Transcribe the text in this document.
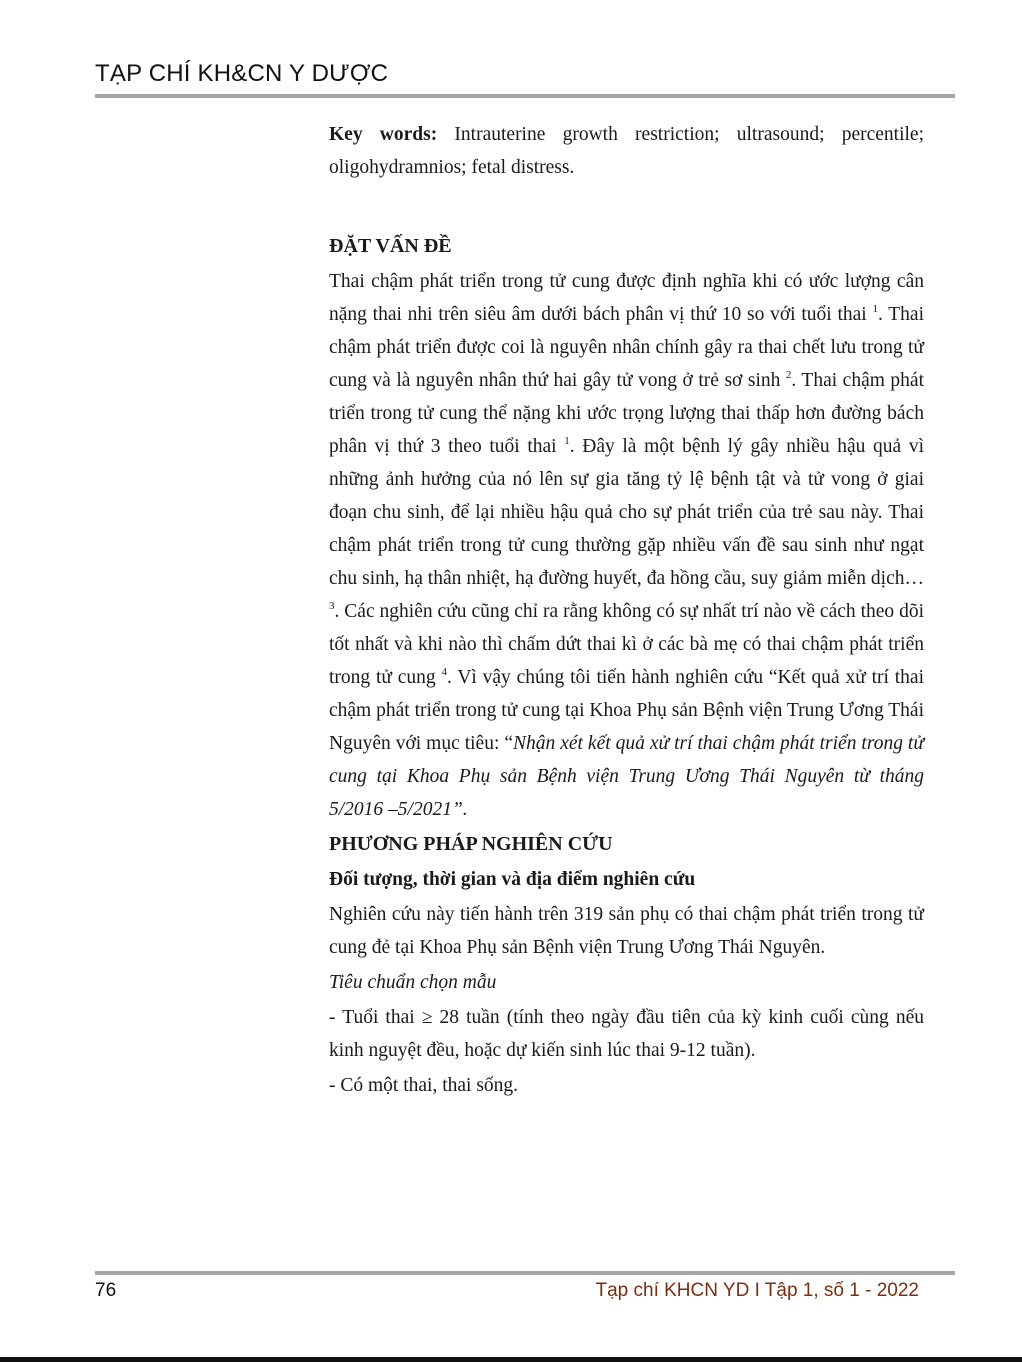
TẠP CHÍ KH&CN Y DƯỢC

Key words: Intrauterine growth restriction; ultrasound; percentile; oligohydramnios; fetal distress.

ĐẶT VẤN ĐỀ

Thai chậm phát triển trong tử cung được định nghĩa khi có ước lượng cân nặng thai nhi trên siêu âm dưới bách phân vị thứ 10 so với tuổi thai $^1$. Thai chậm phát triển được coi là nguyên nhân chính gây ra thai chết lưu trong tử cung và là nguyên nhân thứ hai gây tử vong ở trẻ sơ sinh $^2$. Thai chậm phát triển trong tử cung thể nặng khi ước trọng lượng thai thấp hơn đường bách phân vị thứ 3 theo tuổi thai $^1$. Đây là một bệnh lý gây nhiều hậu quả vì những ảnh hưởng của nó lên sự gia tăng tỷ lệ bệnh tật và tử vong ở giai đoạn chu sinh, để lại nhiều hậu quả cho sự phát triển của trẻ sau này. Thai chậm phát triển trong tử cung thường gặp nhiều vấn đề sau sinh như ngạt chu sinh, hạ thân nhiệt, hạ đường huyết, đa hồng cầu, suy giảm miễn dịch…$^3$. Các nghiên cứu cũng chỉ ra rằng không có sự nhất trí nào về cách theo dõi tốt nhất và khi nào thì chấm dứt thai kì ở các bà mẹ có thai chậm phát triển trong tử cung $^4$. Vì vậy chúng tôi tiến hành nghiên cứu “Kết quả xử trí thai chậm phát triển trong tử cung tại Khoa Phụ sản Bệnh viện Trung Ương Thái Nguyên với mục tiêu: “Nhận xét kết quả xử trí thai chậm phát triển trong tử cung tại Khoa Phụ sản Bệnh viện Trung Ương Thái Nguyên từ tháng 5/2016 –5/2021”.

PHƯƠNG PHÁP NGHIÊN CỨU

Đối tượng, thời gian và địa điểm nghiên cứu

Nghiên cứu này tiến hành trên 319 sản phụ có thai chậm phát triển trong tử cung đẻ tại Khoa Phụ sản Bệnh viện Trung Ương Thái Nguyên.

Tiêu chuẩn chọn mẫu

- Tuổi thai ≥ 28 tuần (tính theo ngày đầu tiên của kỳ kinh cuối cùng nếu kinh nguyệt đều, hoặc dự kiến sinh lúc thai 9-12 tuần).

- Có một thai, thai sống.

76	Tạp chí KHCN YD I Tập 1, số 1 - 2022
